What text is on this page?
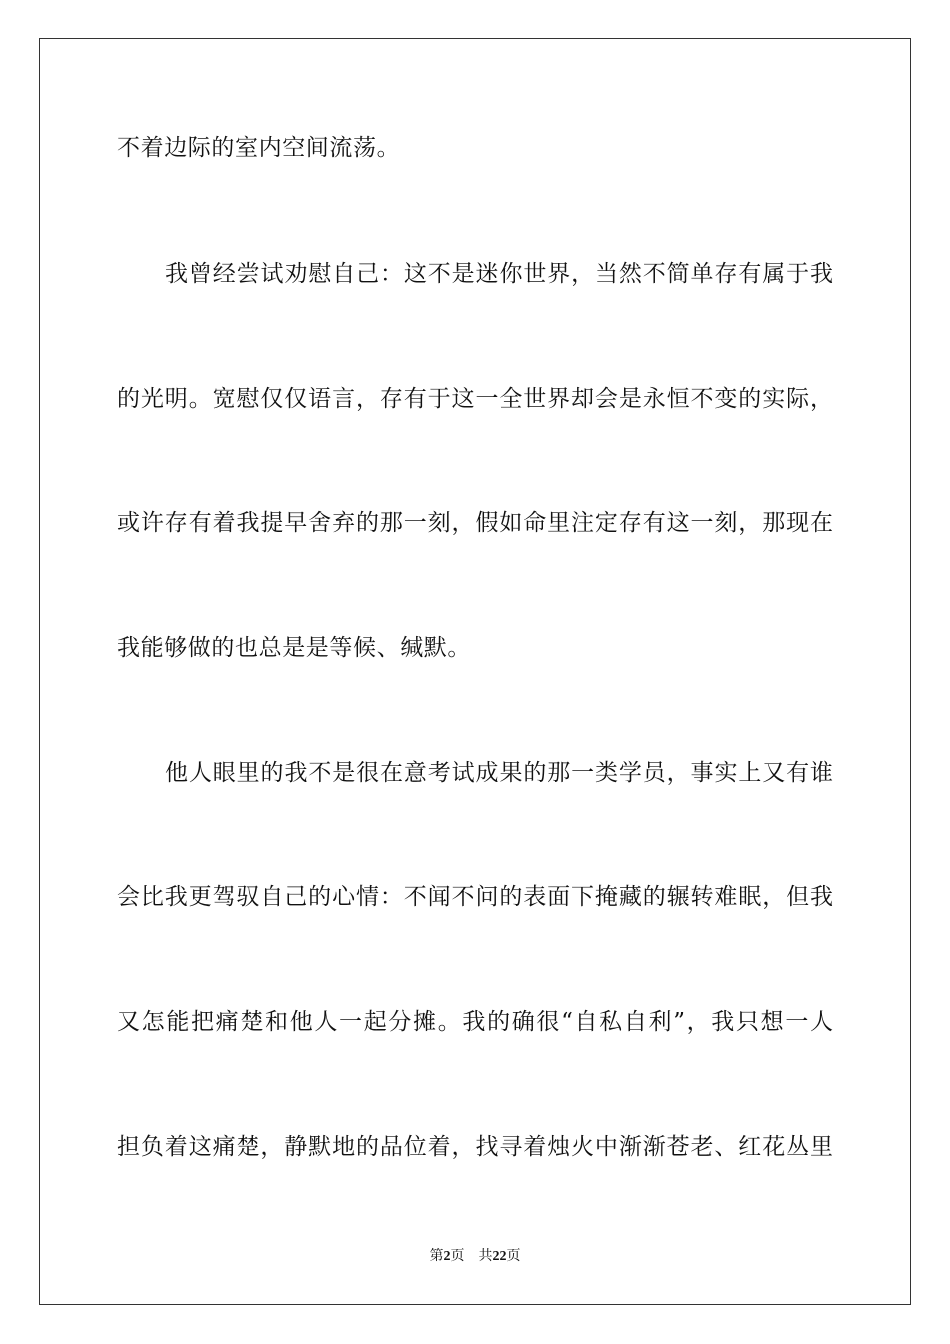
不着边际的室内空间流荡。
我曾经尝试劝慰自己：这不是迷你世界，当然不简单存有属于我
的光明。宽慰仅仅语言，存有于这一全世界却会是永恒不变的实际，
或许存有着我提早舍弃的那一刻，假如命里注定存有这一刻，那现在
我能够做的也总是是等候、缄默。
他人眼里的我不是很在意考试成果的那一类学员，事实上又有谁
会比我更驾驭自己的心情：不闻不问的表面下掩藏的辗转难眠，但我
又怎能把痛楚和他人一起分摊。我的确很“自私自利”，我只想一人
担负着这痛楚，静默地的品位着，找寻着烛火中渐渐苍老、红花丛里
第2页 共22页
